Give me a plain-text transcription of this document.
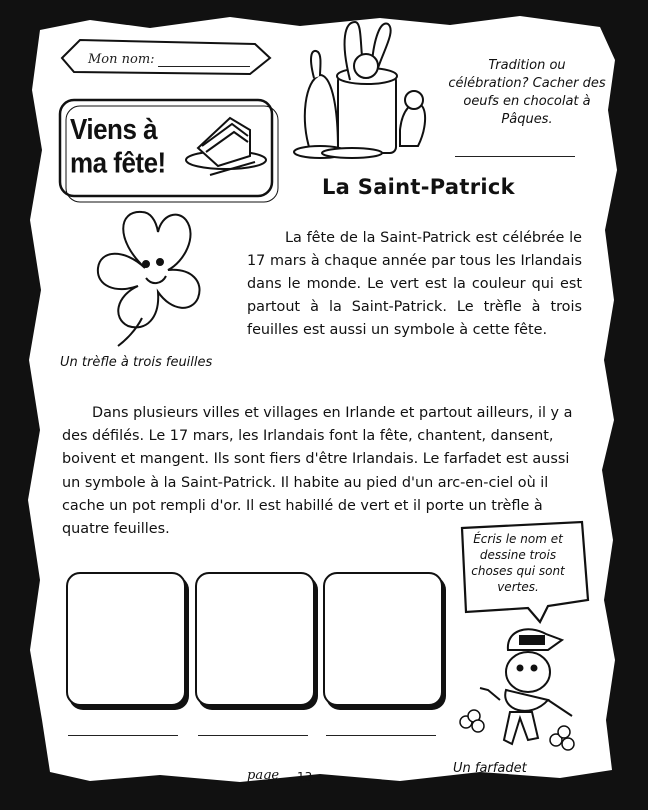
Mon nom:
Viens à ma fête!
Tradition ou célébration? Cacher des oeufs en chocolat à Pâques.
La Saint-Patrick
La fête de la Saint-Patrick est célébrée le 17 mars à chaque année par tous les Irlandais dans le monde. Le vert est la couleur qui est partout à la Saint-Patrick. Le trèfle à trois feuilles est aussi un symbole à cette fête.
Un trèfle à trois feuilles
Dans plusieurs villes et villages en Irlande et partout ailleurs, il y a des défilés. Le 17 mars, les Irlandais font la fête, chantent, dansent, boivent et mangent. Ils sont fiers d'être Irlandais. Le farfadet est aussi un symbole à la Saint-Patrick. Il habite au pied d'un arc-en-ciel où il cache un pot rempli d'or. Il est habillé de vert et il porte un trèfle à quatre feuilles.
Écris le nom et dessine trois choses qui sont vertes.
Un farfadet
page 13
